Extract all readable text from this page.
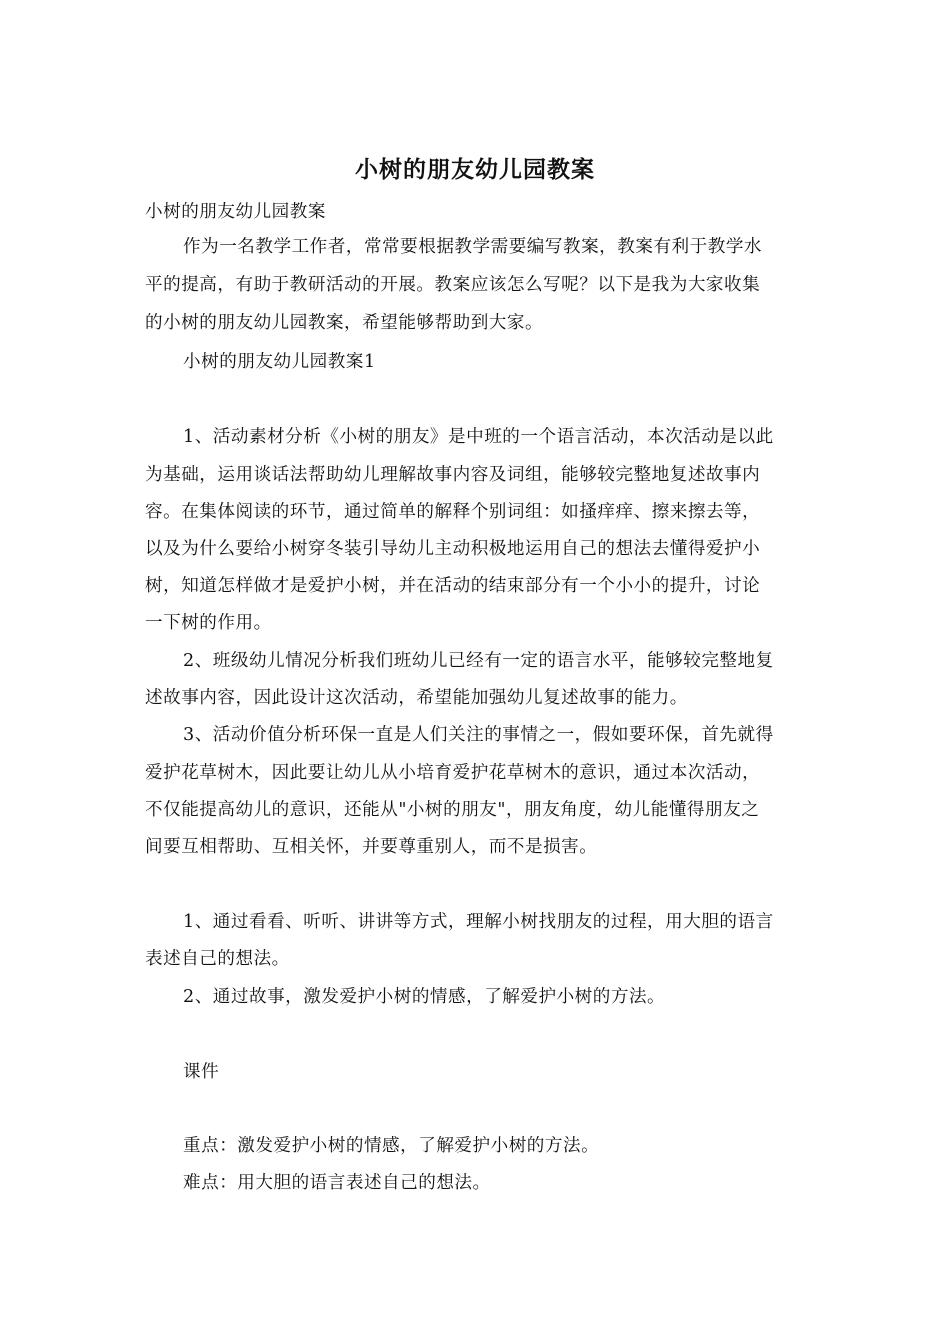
小树的朋友幼儿园教案
小树的朋友幼儿园教案
作为一名教学工作者，常常要根据教学需要编写教案，教案有利于教学水
平的提高，有助于教研活动的开展。教案应该怎么写呢？以下是我为大家收集
的小树的朋友幼儿园教案，希望能够帮助到大家。
小树的朋友幼儿园教案1
1、活动素材分析《小树的朋友》是中班的一个语言活动，本次活动是以此
为基础，运用谈话法帮助幼儿理解故事内容及词组，能够较完整地复述故事内
容。在集体阅读的环节，通过简单的解释个别词组：如搔痒痒、擦来擦去等，
以及为什么要给小树穿冬装引导幼儿主动积极地运用自己的想法去懂得爱护小
树，知道怎样做才是爱护小树，并在活动的结束部分有一个小小的提升，讨论
一下树的作用。
2、班级幼儿情况分析我们班幼儿已经有一定的语言水平，能够较完整地复
述故事内容，因此设计这次活动，希望能加强幼儿复述故事的能力。
3、活动价值分析环保一直是人们关注的事情之一，假如要环保，首先就得
爱护花草树木，因此要让幼儿从小培育爱护花草树木的意识，通过本次活动，
不仅能提高幼儿的意识，还能从"小树的朋友"，朋友角度，幼儿能懂得朋友之
间要互相帮助、互相关怀，并要尊重别人，而不是损害。
1、通过看看、听听、讲讲等方式，理解小树找朋友的过程，用大胆的语言
表述自己的想法。
2、通过故事，激发爱护小树的情感，了解爱护小树的方法。
课件
重点：激发爱护小树的情感，了解爱护小树的方法。
难点：用大胆的语言表述自己的想法。
